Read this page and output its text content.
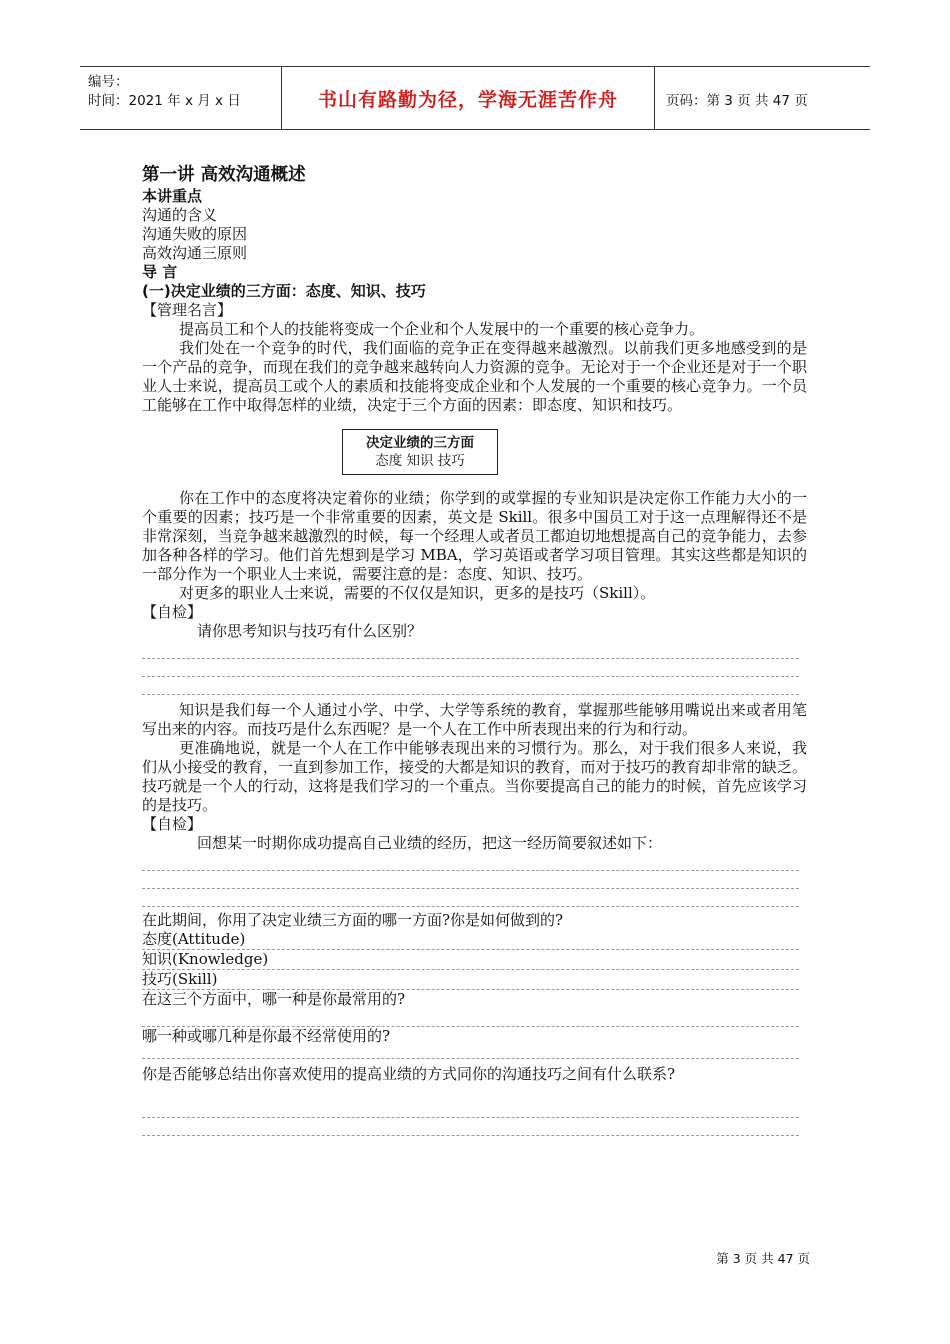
编号：
时间：2021 年 x 月 x 日	书山有路勤为径，学海无涯苦作舟	页码：第 3 页 共 47 页

第一讲 高效沟通概述

本讲重点

沟通的含义

沟通失败的原因

高效沟通三原则

导 言

(一)决定业绩的三方面：态度、知识、技巧

【管理名言】

提高员工和个人的技能将变成一个企业和个人发展中的一个重要的核心竞争力。

我们处在一个竞争的时代，我们面临的竞争正在变得越来越激烈。以前我们更多地感受到的是一个产品的竞争，而现在我们的竞争越来越转向人力资源的竞争。无论对于一个企业还是对于一个职业人士来说，提高员工或个人的素质和技能将变成企业和个人发展的一个重要的核心竞争力。一个员工能够在工作中取得怎样的业绩，决定于三个方面的因素：即态度、知识和技巧。

决定业绩的三方面
态度 知识 技巧

你在工作中的态度将决定着你的业绩；你学到的或掌握的专业知识是决定你工作能力大小的一个重要的因素；技巧是一个非常重要的因素，英文是 Skill。很多中国员工对于这一点理解得还不是非常深刻，当竞争越来越激烈的时候，每一个经理人或者员工都迫切地想提高自己的竞争能力，去参加各种各样的学习。他们首先想到是学习 MBA，学习英语或者学习项目管理。其实这些都是知识的一部分作为一个职业人士来说，需要注意的是：态度、知识、技巧。

对更多的职业人士来说，需要的不仅仅是知识，更多的是技巧（Skill）。

【自检】

请你思考知识与技巧有什么区别？

知识是我们每一个人通过小学、中学、大学等系统的教育，掌握那些能够用嘴说出来或者用笔写出来的内容。而技巧是什么东西呢？是一个人在工作中所表现出来的行为和行动。

更准确地说，就是一个人在工作中能够表现出来的习惯行为。那么，对于我们很多人来说，我们从小接受的教育，一直到参加工作，接受的大都是知识的教育，而对于技巧的教育却非常的缺乏。技巧就是一个人的行动，这将是我们学习的一个重点。当你要提高自己的能力的时候，首先应该学习的是技巧。

【自检】

回想某一时期你成功提高自己业绩的经历，把这一经历简要叙述如下：

在此期间，你用了决定业绩三方面的哪一方面?你是如何做到的?

态度(Attitude)
知识(Knowledge)
技巧(Skill)

在这三个方面中，哪一种是你最常用的?

哪一种或哪几种是你最不经常使用的?

你是否能够总结出你喜欢使用的提高业绩的方式同你的沟通技巧之间有什么联系?

第 3 页 共 47 页
